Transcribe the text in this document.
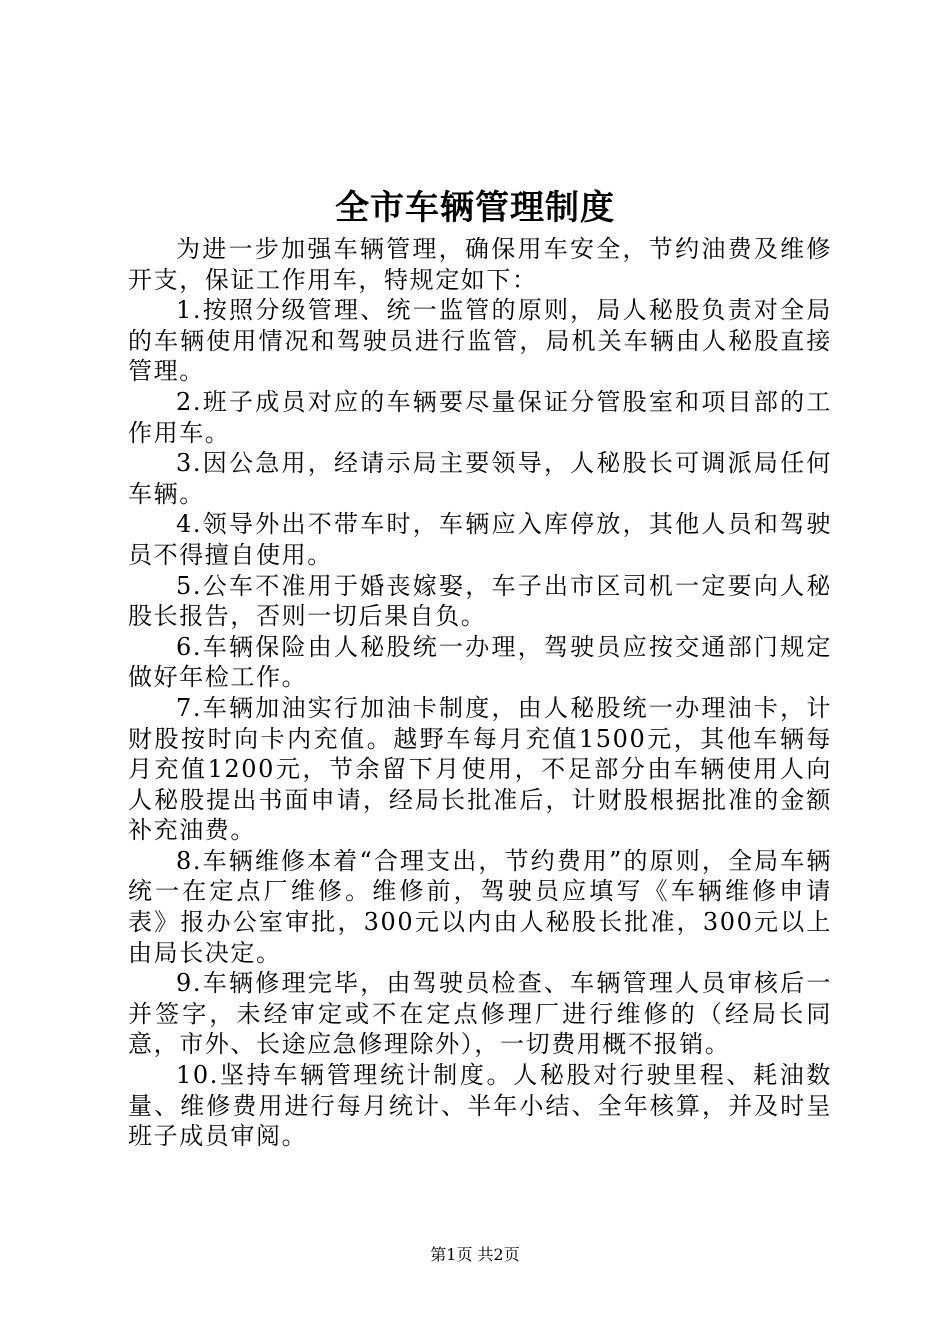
全市车辆管理制度

为进一步加强车辆管理，确保用车安全，节约油费及维修开支，保证工作用车，特规定如下：

1.按照分级管理、统一监管的原则，局人秘股负责对全局的车辆使用情况和驾驶员进行监管，局机关车辆由人秘股直接管理。

2.班子成员对应的车辆要尽量保证分管股室和项目部的工作用车。

3.因公急用，经请示局主要领导，人秘股长可调派局任何车辆。

4.领导外出不带车时，车辆应入库停放，其他人员和驾驶员不得擅自使用。

5.公车不准用于婚丧嫁娶，车子出市区司机一定要向人秘股长报告，否则一切后果自负。

6.车辆保险由人秘股统一办理，驾驶员应按交通部门规定做好年检工作。

7.车辆加油实行加油卡制度，由人秘股统一办理油卡，计财股按时向卡内充值。越野车每月充值1500元，其他车辆每月充值1200元，节余留下月使用，不足部分由车辆使用人向人秘股提出书面申请，经局长批准后，计财股根据批准的金额补充油费。

8.车辆维修本着“合理支出，节约费用”的原则，全局车辆统一在定点厂维修。维修前，驾驶员应填写《车辆维修申请表》报办公室审批，300元以内由人秘股长批准，300元以上由局长决定。

9.车辆修理完毕，由驾驶员检查、车辆管理人员审核后一并签字，未经审定或不在定点修理厂进行维修的（经局长同意，市外、长途应急修理除外），一切费用概不报销。

10.坚持车辆管理统计制度。人秘股对行驶里程、耗油数量、维修费用进行每月统计、半年小结、全年核算，并及时呈班子成员审阅。

第1页 共2页
